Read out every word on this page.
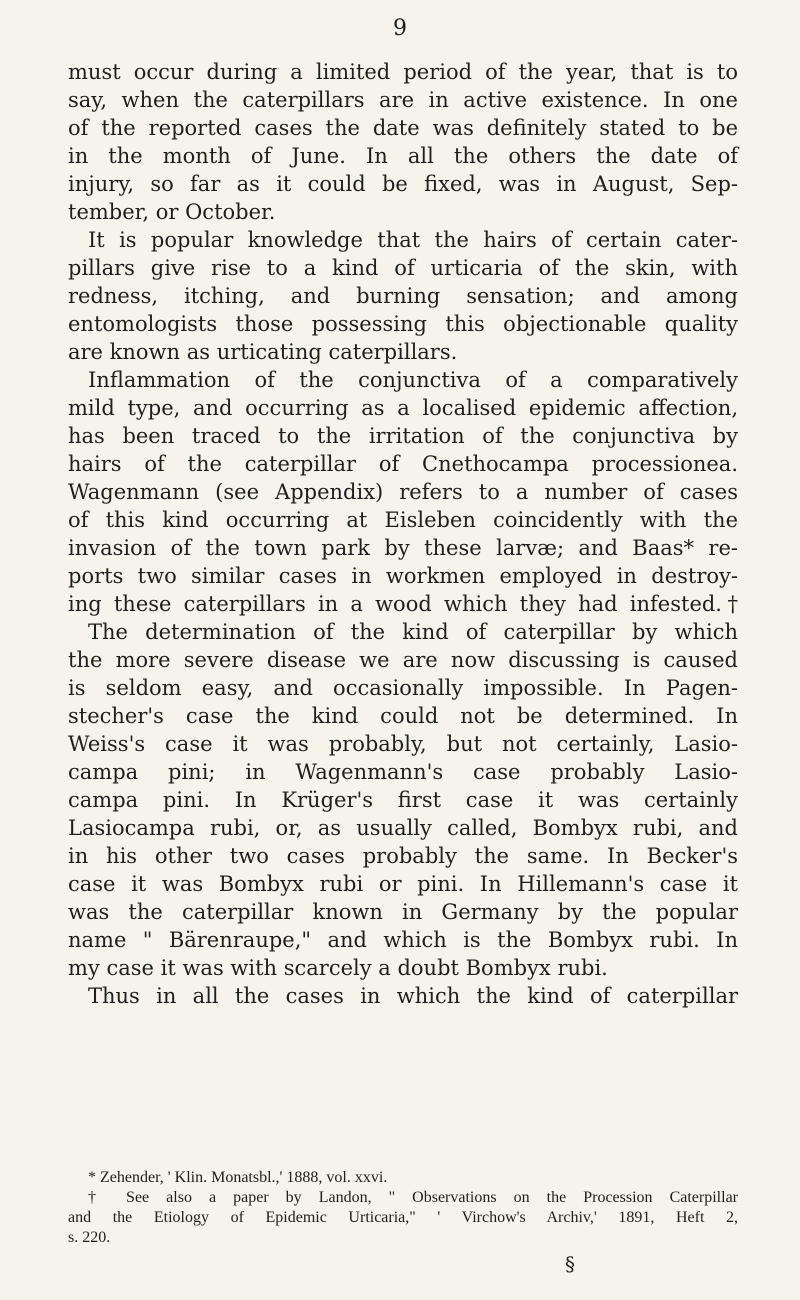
9
must occur during a limited period of the year, that is to
say, when the caterpillars are in active existence. In one
of the reported cases the date was definitely stated to be
in the month of June. In all the others the date of
injury, so far as it could be fixed, was in August, Sep-
tember, or October.
It is popular knowledge that the hairs of certain cater-
pillars give rise to a kind of urticaria of the skin, with
redness, itching, and burning sensation; and among
entomologists those possessing this objectionable quality
are known as urticating caterpillars.
Inflammation of the conjunctiva of a comparatively
mild type, and occurring as a localised epidemic affection,
has been traced to the irritation of the conjunctiva by
hairs of the caterpillar of Cnethocampa processionea.
Wagenmann (see Appendix) refers to a number of cases
of this kind occurring at Eisleben coincidently with the
invasion of the town park by these larvæ; and Baas* re-
ports two similar cases in workmen employed in destroy-
ing these caterpillars in a wood which they had infested.†
The determination of the kind of caterpillar by which
the more severe disease we are now discussing is caused
is seldom easy, and occasionally impossible. In Pagen-
stecher's case the kind could not be determined. In
Weiss's case it was probably, but not certainly, Lasio-
campa pini; in Wagenmann's case probably Lasio-
campa pini. In Krüger's first case it was certainly
Lasiocampa rubi, or, as usually called, Bombyx rubi, and
in his other two cases probably the same. In Becker's
case it was Bombyx rubi or pini. In Hillemann's case it
was the caterpillar known in Germany by the popular
name " Bärenraupe," and which is the Bombyx rubi. In
my case it was with scarcely a doubt Bombyx rubi.
Thus in all the cases in which the kind of caterpillar
* Zehender, ' Klin. Monatsbl.,' 1888, vol. xxvi.
† See also a paper by Landon, " Observations on the Procession Caterpillar
and the Etiology of Epidemic Urticaria," ' Virchow's Archiv,' 1891, Heft 2,
s. 220.
§
